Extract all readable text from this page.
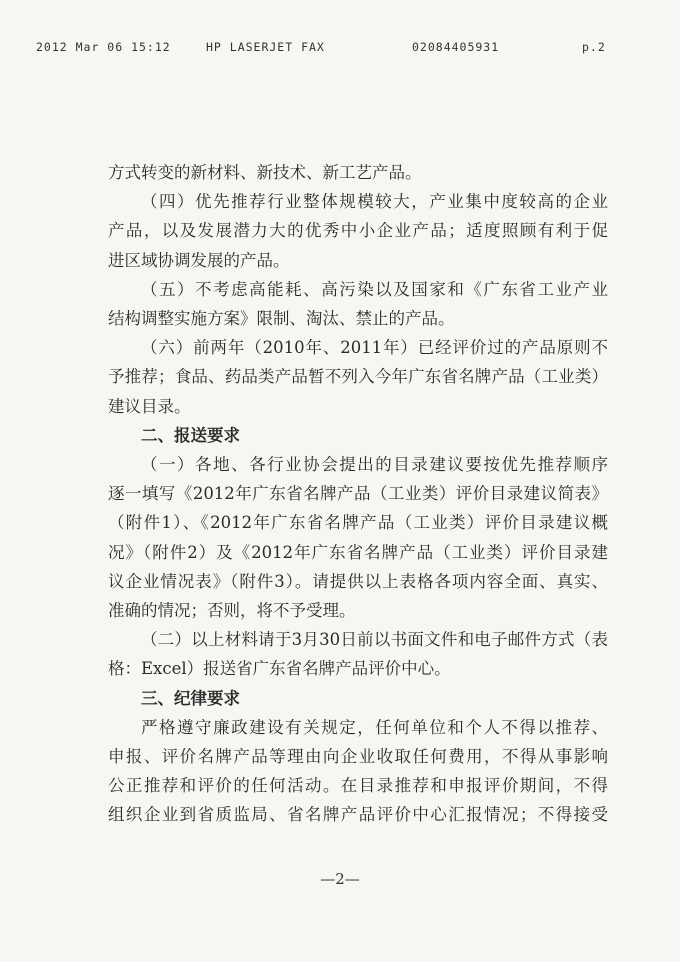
2012 Mar 06 15:12	HP LASERJET FAX	02084405931	p.2
方式转变的新材料、新技术、新工艺产品。
（四）优先推荐行业整体规模较大，产业集中度较高的企业
产品，以及发展潜力大的优秀中小企业产品；适度照顾有利于促
进区域协调发展的产品。
（五）不考虑高能耗、高污染以及国家和《广东省工业产业
结构调整实施方案》限制、淘汰、禁止的产品。
（六）前两年（2010年、2011年）已经评价过的产品原则不
予推荐；食品、药品类产品暂不列入今年广东省名牌产品（工业类）
建议目录。
二、报送要求
（一）各地、各行业协会提出的目录建议要按优先推荐顺序
逐一填写《2012年广东省名牌产品（工业类）评价目录建议简表》
（附件1）、《2012年广东省名牌产品（工业类）评价目录建议概
况》（附件2）及《2012年广东省名牌产品（工业类）评价目录建
议企业情况表》（附件3）。请提供以上表格各项内容全面、真实、
准确的情况；否则，将不予受理。
（二）以上材料请于3月30日前以书面文件和电子邮件方式（表
格：Excel）报送省广东省名牌产品评价中心。
三、纪律要求
严格遵守廉政建设有关规定，任何单位和个人不得以推荐、
申报、评价名牌产品等理由向企业收取任何费用，不得从事影响
公正推荐和评价的任何活动。在目录推荐和申报评价期间，不得
组织企业到省质监局、省名牌产品评价中心汇报情况；不得接受
—2—
